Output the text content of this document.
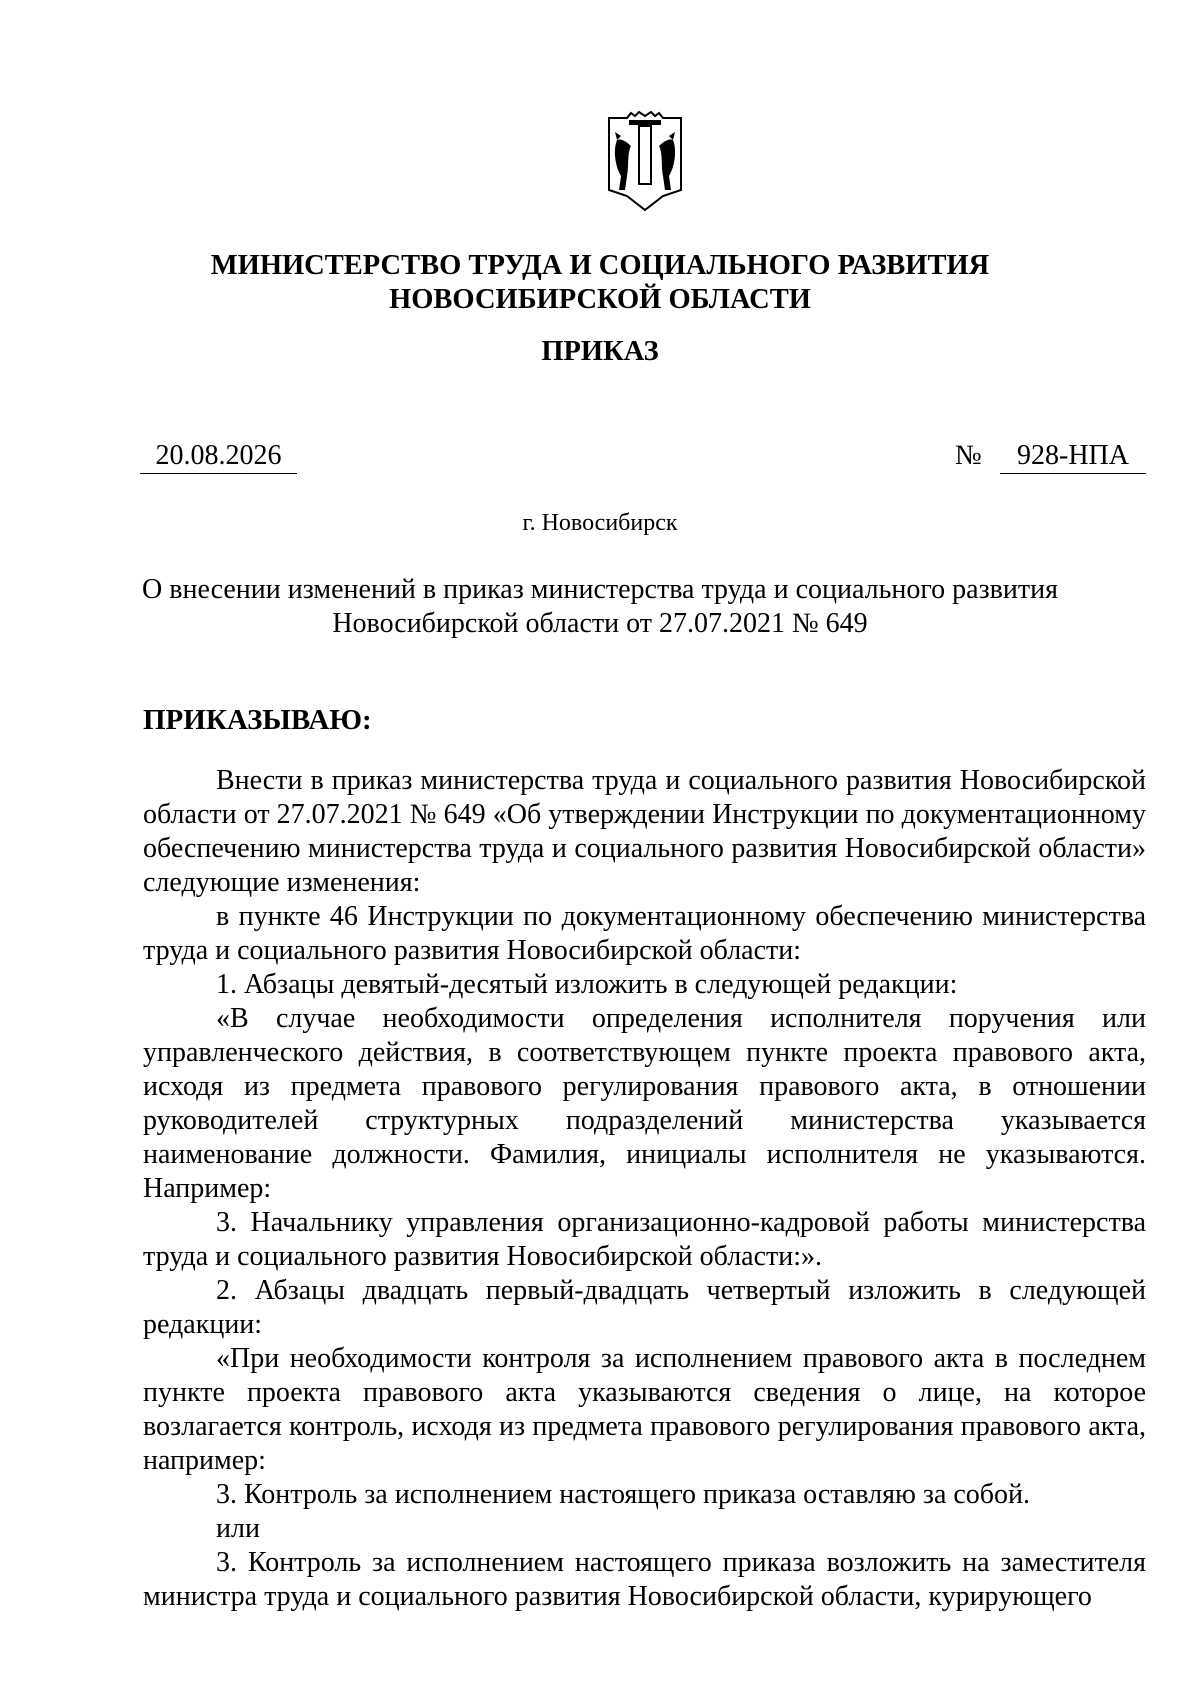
МИНИСТЕРСТВО ТРУДА И СОЦИАЛЬНОГО РАЗВИТИЯ
НОВОСИБИРСКОЙ ОБЛАСТИ
ПРИКАЗ
20.08.2026	№	928-НПА
г. Новосибирск
О внесении изменений в приказ министерства труда и социального развития
Новосибирской области от 27.07.2021 № 649
ПРИКАЗЫВАЮ:

Внести в приказ министерства труда и социального развития Новосибирской области от 27.07.2021 № 649 «Об утверждении Инструкции по документационному обеспечению министерства труда и социального развития Новосибирской области» следующие изменения:

в пункте 46 Инструкции по документационному обеспечению министерства труда и социального развития Новосибирской области:

1. Абзацы девятый-десятый изложить в следующей редакции:

«В случае необходимости определения исполнителя поручения или управленческого действия, в соответствующем пункте проекта правового акта, исходя из предмета правового регулирования правового акта, в отношении руководителей структурных подразделений министерства указывается наименование должности. Фамилия, инициалы исполнителя не указываются. Например:

3. Начальнику управления организационно-кадровой работы министерства труда и социального развития Новосибирской области:».

2. Абзацы двадцать первый-двадцать четвертый изложить в следующей редакции:

«При необходимости контроля за исполнением правового акта в последнем пункте проекта правового акта указываются сведения о лице, на которое возлагается контроль, исходя из предмета правового регулирования правового акта, например:

3. Контроль за исполнением настоящего приказа оставляю за собой.

или

3. Контроль за исполнением настоящего приказа возложить на заместителя министра труда и социального развития Новосибирской области, курирующего
